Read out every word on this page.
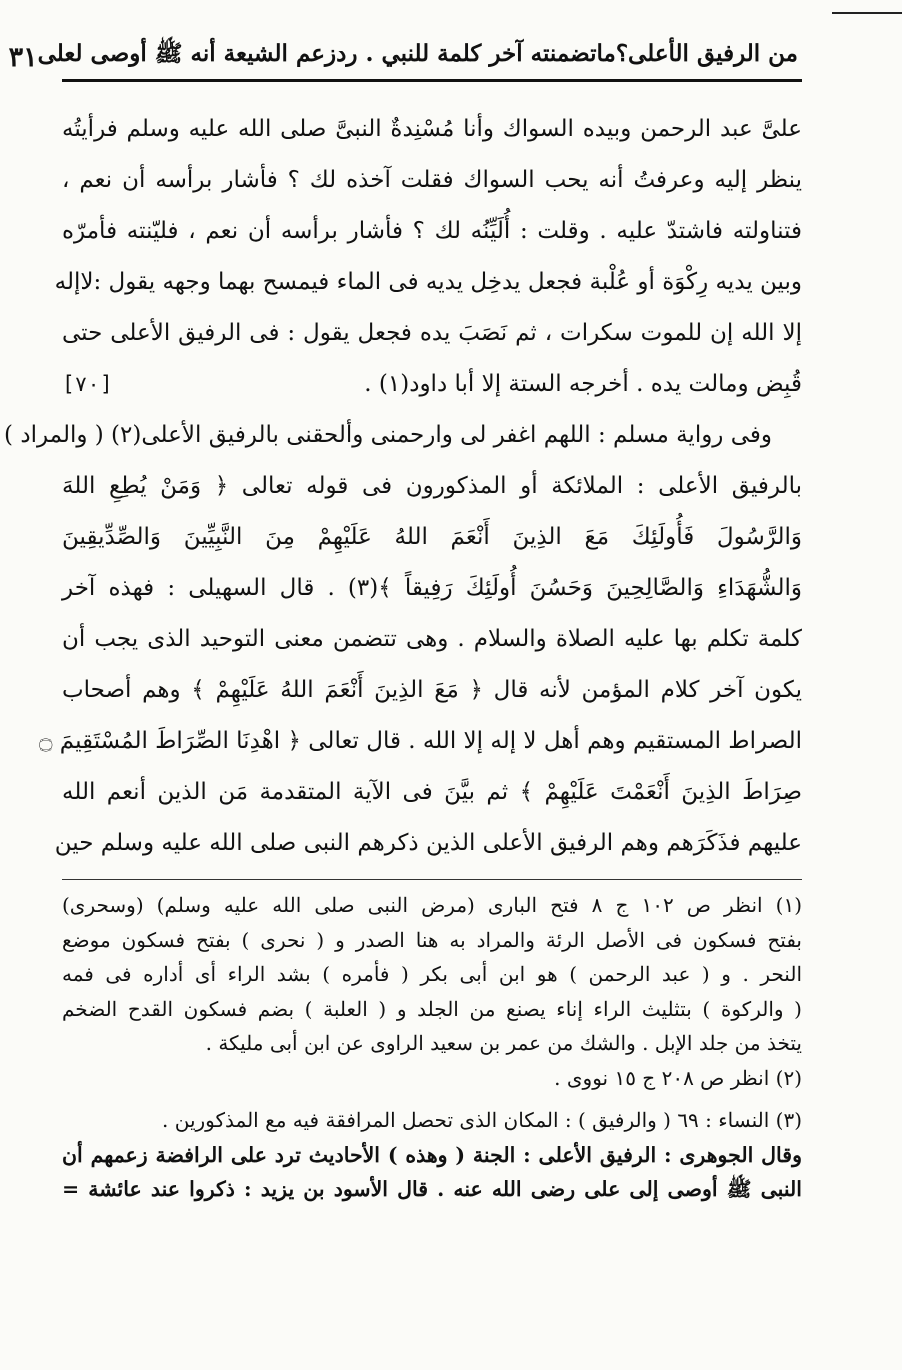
من الرفيق الأعلى؟ماتضمنته آخر كلمة للنبي . ردزعم الشيعة أنه ﷺ أوصى لعلى
٣١
علىَّ عبد الرحمن وبيده السواك وأنا مُسْنِدةٌ النبىَّ صلى الله عليه وسلم فرأيتُه
ينظر إليه وعرفتُ أنه يحب السواك فقلت آخذه لك ؟ فأشار برأسه أن نعم ،
فتناولته فاشتدّ عليه . وقلت : أُلَيِّنُه لك ؟ فأشار برأسه أن نعم ، فليّنته فأمرّه
وبين يديه رِكْوَة أو عُلْبة فجعل يدخِل يديه فى الماء فيمسح بهما وجهه يقول :لاإله
إلا الله إن للموت سكرات ، ثم نَصَبَ يده فجعل يقول : فى الرفيق الأعلى حتى
قُبِض ومالت يده . أخرجه الستة إلا أبا داود(١) .
[٧٠]
وفى رواية مسلم : اللهم اغفر لى وارحمنى وألحقنى بالرفيق الأعلى(٢) ( والمراد )
بالرفيق الأعلى : الملائكة أو المذكورون فى قوله تعالى ﴿ وَمَنْ يُطِعِ اللهَ
وَالرَّسُولَ فَأُولَئِكَ مَعَ الذِينَ أَنْعَمَ اللهُ عَلَيْهِمْ مِنَ النَّبِيِّينَ وَالصِّدِّيقِينَ
وَالشُّهَدَاءِ وَالصَّالِحِينَ وَحَسُنَ أُولَئِكَ رَفِيقاً ﴾(٣) . قال السهيلى : فهذه آخر
كلمة تكلم بها عليه الصلاة والسلام . وهى تتضمن معنى التوحيد الذى يجب أن
يكون آخر كلام المؤمن لأنه قال ﴿ مَعَ الذِينَ أَنْعَمَ اللهُ عَلَيْهِمْ ﴾ وهم أصحاب
الصراط المستقيم وهم أهل لا إله إلا الله . قال تعالى ﴿ اهْدِنَا الصِّرَاطَ المُسْتَقِيمَ ۝
صِرَاطَ الذِينَ أَنْعَمْتَ عَلَيْهِمْ ﴾ ثم بيَّنَ فى الآية المتقدمة مَن الذين أنعم الله
عليهم فذَكَرَهم وهم الرفيق الأعلى الذين ذكرهم النبى صلى الله عليه وسلم حين
(١) انظر ص ١٠٢ ج ٨ فتح البارى (مرض النبى صلى الله عليه وسلم) (وسحرى)
بفتح فسكون فى الأصل الرئة والمراد به هنا الصدر و ( نحرى ) بفتح فسكون موضع
النحر . و ( عبد الرحمن ) هو ابن أبى بكر ( فأمره ) بشد الراء أى أداره فى فمه
( والركوة ) بتثليث الراء إناء يصنع من الجلد و ( العلبة ) بضم فسكون القدح الضخم
يتخذ من جلد الإبل . والشك من عمر بن سعيد الراوى عن ابن أبى مليكة .
(٢) انظر ص ٢٠٨ ج ١٥ نووى .
(٣) النساء : ٦٩ ( والرفيق ) : المكان الذى تحصل المرافقة فيه مع المذكورين .
وقال الجوهرى : الرفيق الأعلى : الجنة ( وهذه ) الأحاديث ترد على الرافضة زعمهم أن
النبى ﷺ أوصى إلى على رضى الله عنه . قال الأسود بن يزيد : ذكروا عند عائشة =
